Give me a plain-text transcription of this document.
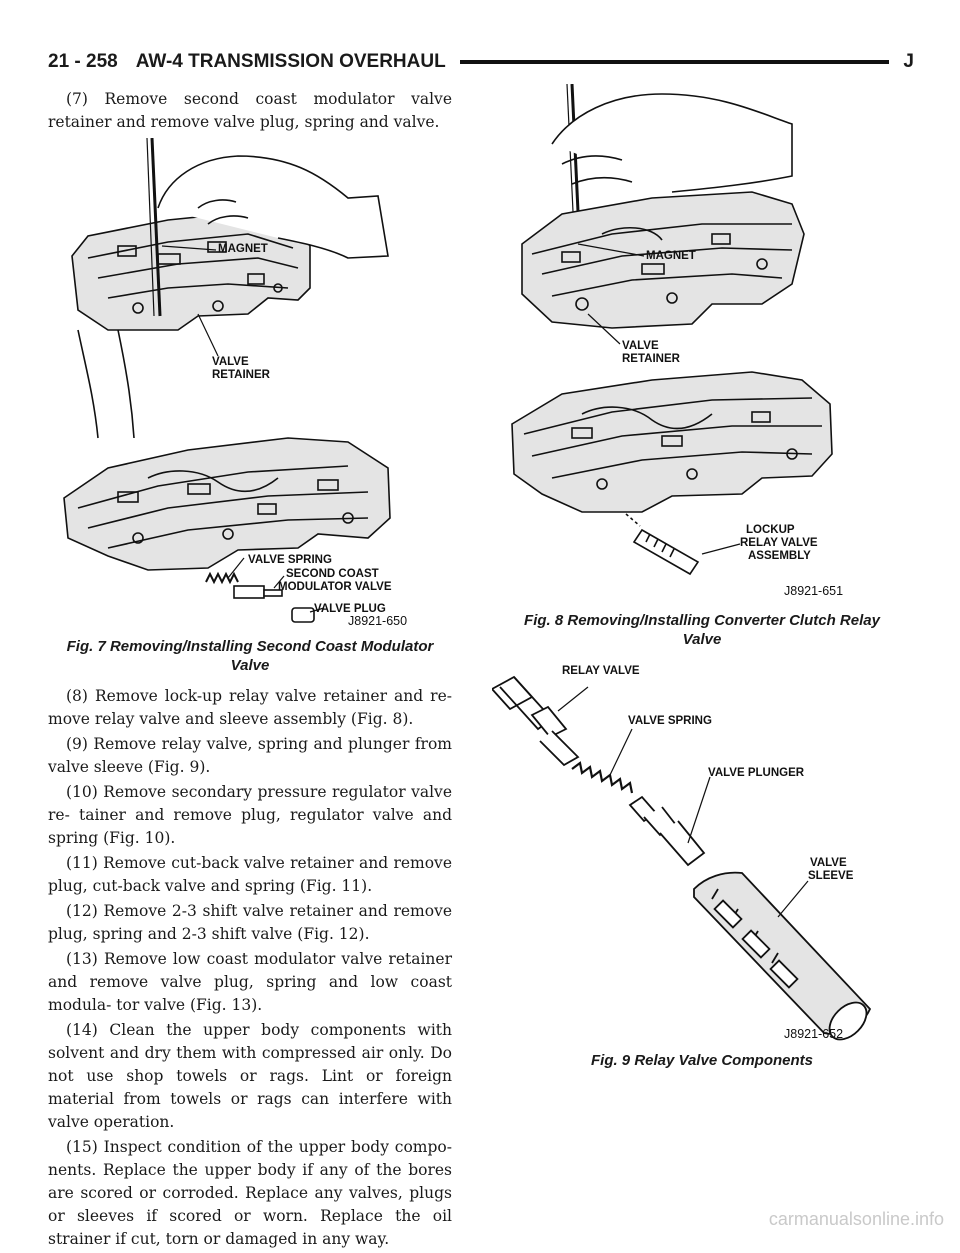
21 - 258 AW-4 TRANSMISSION OVERHAUL	J

(7) Remove second coast modulator valve retainer and remove valve plug, spring and valve.

MAGNET
VALVE
RETAINER
VALVE SPRING
SECOND COAST
MODULATOR VALVE
VALVE PLUG
J8921-650
Fig. 7 Removing/Installing Second Coast Modulator
Valve

(8) Remove lock-up relay valve retainer and re- move relay valve and sleeve assembly (Fig. 8).

(9) Remove relay valve, spring and plunger from valve sleeve (Fig. 9).

(10) Remove secondary pressure regulator valve re- tainer and remove plug, regulator valve and spring (Fig. 10).

(11) Remove cut-back valve retainer and remove plug, cut-back valve and spring (Fig. 11).

(12) Remove 2-3 shift valve retainer and remove plug, spring and 2-3 shift valve (Fig. 12).

(13) Remove low coast modulator valve retainer and remove valve plug, spring and low coast modula- tor valve (Fig. 13).

(14) Clean the upper body components with solvent and dry them with compressed air only. Do not use shop towels or rags. Lint or foreign material from towels or rags can interfere with valve operation.

(15) Inspect condition of the upper body compo- nents. Replace the upper body if any of the bores are scored or corroded. Replace any valves, plugs or sleeves if scored or worn. Replace the oil strainer if cut, torn or damaged in any way.

MAGNET
VALVE
RETAINER
LOCKUP
RELAY VALVE
ASSEMBLY
J8921-651
Fig. 8 Removing/Installing Converter Clutch Relay
Valve
RELAY VALVE
VALVE SPRING
VALVE PLUNGER
VALVE
SLEEVE
J8921-652
Fig. 9 Relay Valve Components
carmanualsonline.info
